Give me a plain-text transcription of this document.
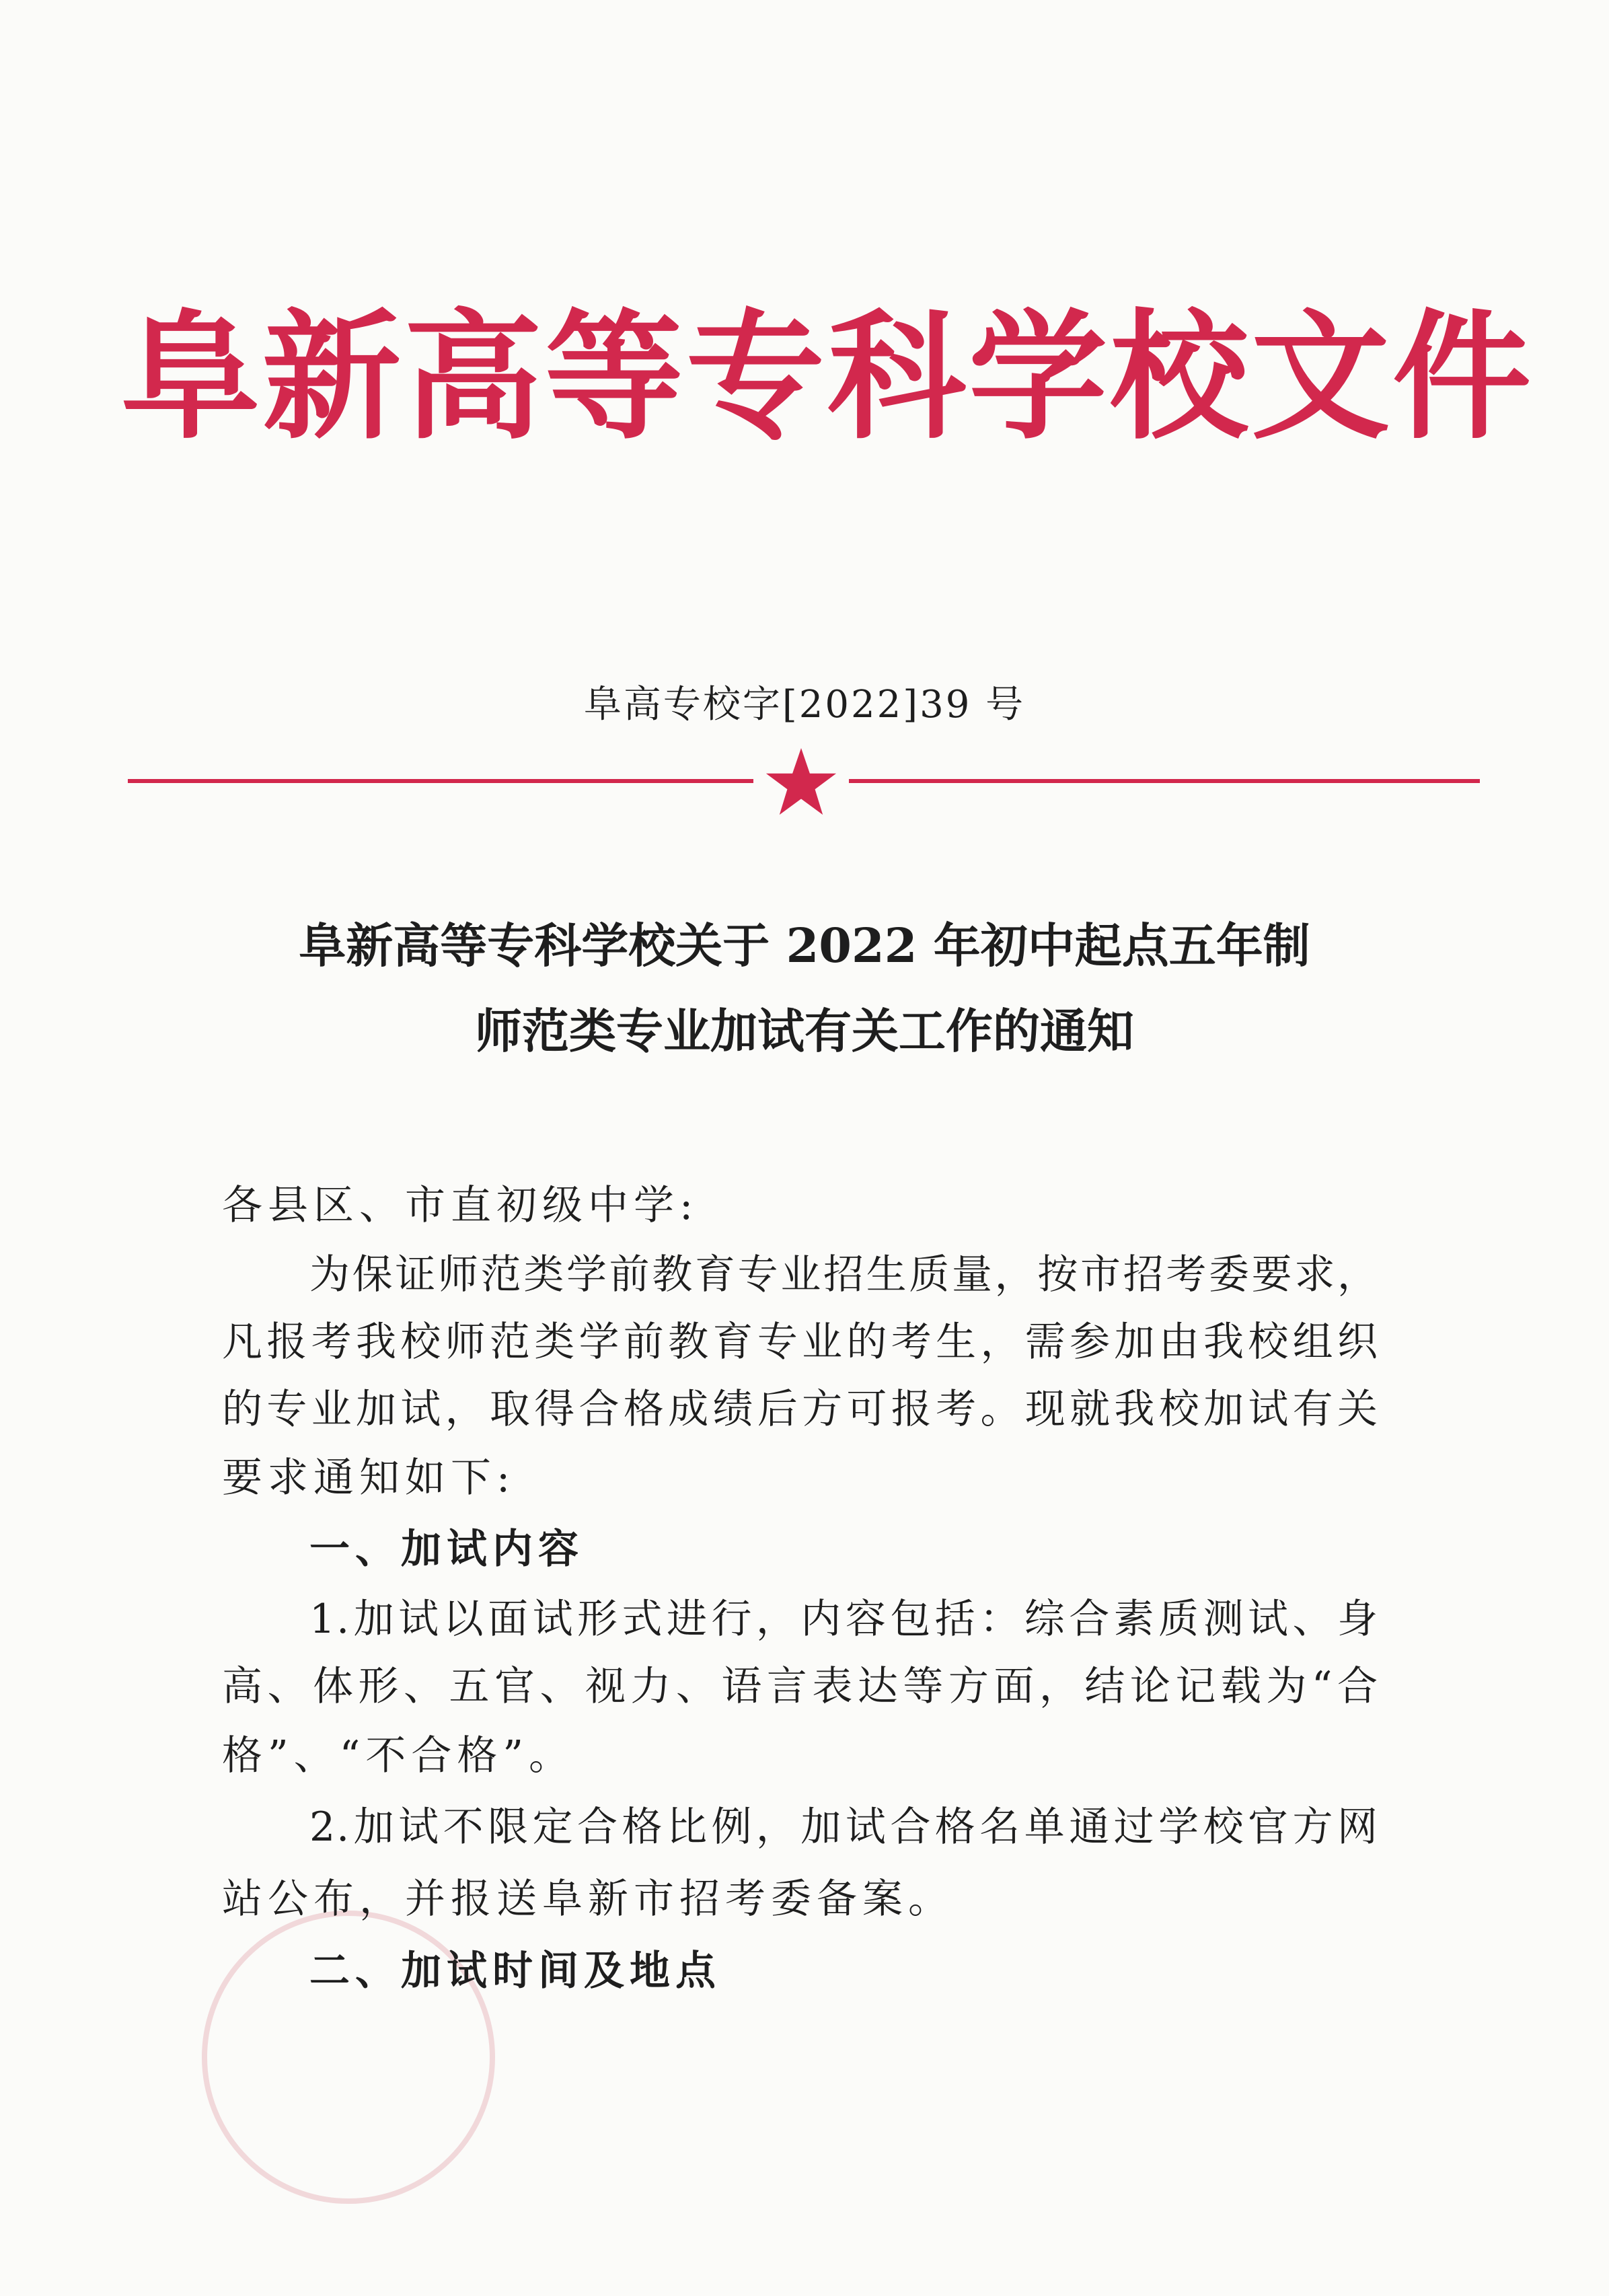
阜新高等专科学校文件
阜高专校字[2022]39 号
阜新高等专科学校关于 2022 年初中起点五年制
师范类专业加试有关工作的通知
各县区、市直初级中学:
为保证师范类学前教育专业招生质量，按市招考委要求，
凡报考我校师范类学前教育专业的考生，需参加由我校组织
的专业加试，取得合格成绩后方可报考。现就我校加试有关
要求通知如下:
一、加试内容
1.加试以面试形式进行，内容包括：综合素质测试、身
高、体形、五官、视力、语言表达等方面，结论记载为“合
格”、“不合格”。
2.加试不限定合格比例，加试合格名单通过学校官方网
站公布，并报送阜新市招考委备案。
二、加试时间及地点
